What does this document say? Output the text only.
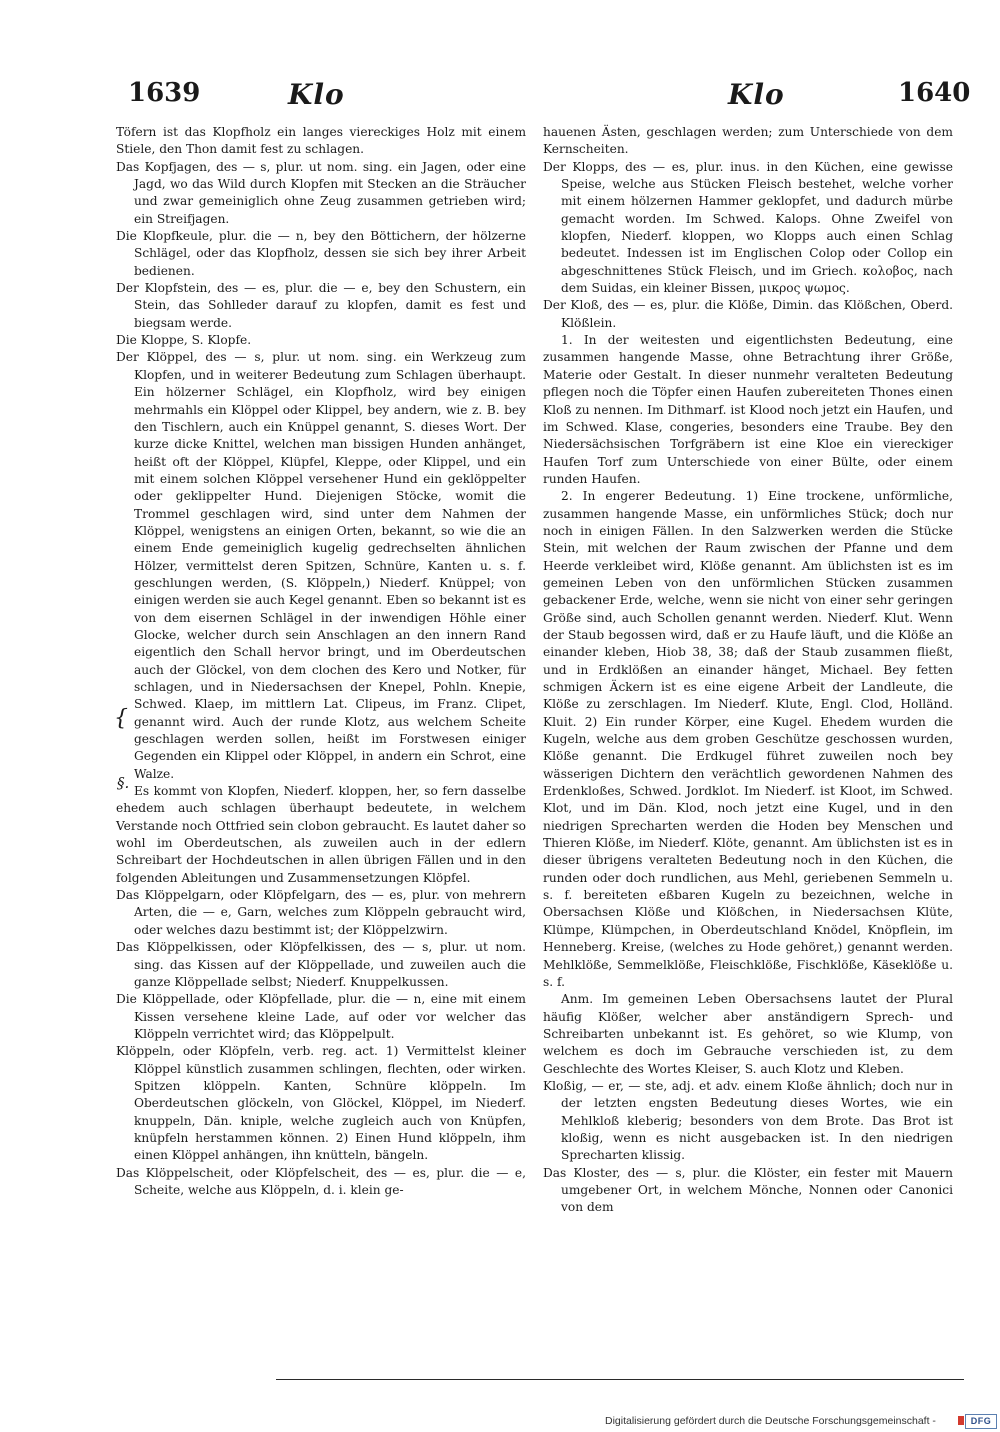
1639	Klo	Klo	1640
{
§.

Töfern ist das Klopfholz ein langes viereckiges Holz mit einem Stiele, den Thon damit fest zu schlagen.

Das Kopfjagen, des — s, plur. ut nom. sing. ein Jagen, oder eine Jagd, wo das Wild durch Klopfen mit Stecken an die Sträucher und zwar gemeiniglich ohne Zeug zusammen getrieben wird; ein Streifjagen.

Die Klopfkeule, plur. die — n, bey den Böttichern, der hölzerne Schlägel, oder das Klopfholz, dessen sie sich bey ihrer Arbeit bedienen.

Der Klopfstein, des — es, plur. die — e, bey den Schustern, ein Stein, das Sohlleder darauf zu klopfen, damit es fest und biegsam werde.

Die Kloppe, S. Klopfe.

Der Klöppel, des — s, plur. ut nom. sing. ein Werkzeug zum Klopfen, und in weiterer Bedeutung zum Schlagen überhaupt. Ein hölzerner Schlägel, ein Klopfholz, wird bey einigen mehrmahls ein Klöppel oder Klippel, bey andern, wie z. B. bey den Tischlern, auch ein Knüppel genannt, S. dieses Wort. Der kurze dicke Knittel, welchen man bissigen Hunden anhänget, heißt oft der Klöppel, Klüpfel, Kleppe, oder Klippel, und ein mit einem solchen Klöppel versehener Hund ein geklöppelter oder geklippelter Hund. Diejenigen Stöcke, womit die Trommel geschlagen wird, sind unter dem Nahmen der Klöppel, wenigstens an einigen Orten, bekannt, so wie die an einem Ende gemeiniglich kugelig gedrechselten ähnlichen Hölzer, vermittelst deren Spitzen, Schnüre, Kanten u. s. f. geschlungen werden, (S. Klöppeln,) Niederf. Knüppel; von einigen werden sie auch Kegel genannt. Eben so bekannt ist es von dem eisernen Schlägel in der inwendigen Höhle einer Glocke, welcher durch sein Anschlagen an den innern Rand eigentlich den Schall hervor bringt, und im Oberdeutschen auch der Glöckel, von dem clochen des Kero und Notker, für schlagen, und in Niedersachsen der Knepel, Pohln. Knepie, Schwed. Klaep, im mittlern Lat. Clipeus, im Franz. Clipet, genannt wird. Auch der runde Klotz, aus welchem Scheite geschlagen werden sollen, heißt im Forstwesen einiger Gegenden ein Klippel oder Klöppel, in andern ein Schrot, eine Walze.

Es kommt von Klopfen, Niederf. kloppen, her, so fern dasselbe ehedem auch schlagen überhaupt bedeutete, in welchem Verstande noch Ottfried sein clobon gebraucht. Es lautet daher so wohl im Oberdeutschen, als zuweilen auch in der edlern Schreibart der Hochdeutschen in allen übrigen Fällen und in den folgenden Ableitungen und Zusammensetzungen Klöpfel.

Das Klöppelgarn, oder Klöpfelgarn, des — es, plur. von mehrern Arten, die — e, Garn, welches zum Klöppeln gebraucht wird, oder welches dazu bestimmt ist; der Klöppelzwirn.

Das Klöppelkissen, oder Klöpfelkissen, des — s, plur. ut nom. sing. das Kissen auf der Klöppellade, und zuweilen auch die ganze Klöppellade selbst; Niederf. Knuppelkussen.

Die Klöppellade, oder Klöpfellade, plur. die — n, eine mit einem Kissen versehene kleine Lade, auf oder vor welcher das Klöppeln verrichtet wird; das Klöppelpult.

Klöppeln, oder Klöpfeln, verb. reg. act. 1) Vermittelst kleiner Klöppel künstlich zusammen schlingen, flechten, oder wirken. Spitzen klöppeln. Kanten, Schnüre klöppeln. Im Oberdeutschen glöckeln, von Glöckel, Klöppel, im Niederf. knuppeln, Dän. kniple, welche zugleich auch von Knüpfen, knüpfeln herstammen können. 2) Einen Hund klöppeln, ihm einen Klöppel anhängen, ihn knütteln, bängeln.

Das Klöppelscheit, oder Klöpfelscheit, des — es, plur. die — e, Scheite, welche aus Klöppeln, d. i. klein ge-

hauenen Ästen, geschlagen werden; zum Unterschiede von dem Kernscheiten.

Der Klopps, des — es, plur. inus. in den Küchen, eine gewisse Speise, welche aus Stücken Fleisch bestehet, welche vorher mit einem hölzernen Hammer geklopfet, und dadurch mürbe gemacht worden. Im Schwed. Kalops. Ohne Zweifel von klopfen, Niederf. kloppen, wo Klopps auch einen Schlag bedeutet. Indessen ist im Englischen Colop oder Collop ein abgeschnittenes Stück Fleisch, und im Griech. κολοβος, nach dem Suidas, ein kleiner Bissen, μικρος ψωμος.

Der Kloß, des — es, plur. die Klöße, Dimin. das Klößchen, Oberd. Klößlein.

1. In der weitesten und eigentlichsten Bedeutung, eine zusammen hangende Masse, ohne Betrachtung ihrer Größe, Materie oder Gestalt. In dieser nunmehr veralteten Bedeutung pflegen noch die Töpfer einen Haufen zubereiteten Thones einen Kloß zu nennen. Im Dithmarf. ist Klood noch jetzt ein Haufen, und im Schwed. Klase, congeries, besonders eine Traube. Bey den Niedersächsischen Torfgräbern ist eine Kloe ein viereckiger Haufen Torf zum Unterschiede von einer Bülte, oder einem runden Haufen.

2. In engerer Bedeutung. 1) Eine trockene, unförmliche, zusammen hangende Masse, ein unförmliches Stück; doch nur noch in einigen Fällen. In den Salzwerken werden die Stücke Stein, mit welchen der Raum zwischen der Pfanne und dem Heerde verkleibet wird, Klöße genannt. Am üblichsten ist es im gemeinen Leben von den unförmlichen Stücken zusammen gebackener Erde, welche, wenn sie nicht von einer sehr geringen Größe sind, auch Schollen genannt werden. Niederf. Klut. Wenn der Staub begossen wird, daß er zu Haufe läuft, und die Klöße an einander kleben, Hiob 38, 38; daß der Staub zusammen fließt, und in Erdklößen an einander hänget, Michael. Bey fetten schmigen Äckern ist es eine eigene Arbeit der Landleute, die Klöße zu zerschlagen. Im Niederf. Klute, Engl. Clod, Holländ. Kluit. 2) Ein runder Körper, eine Kugel. Ehedem wurden die Kugeln, welche aus dem groben Geschütze geschossen wurden, Klöße genannt. Die Erdkugel führet zuweilen noch bey wässerigen Dichtern den verächtlich gewordenen Nahmen des Erdenkloßes, Schwed. Jordklot. Im Niederf. ist Kloot, im Schwed. Klot, und im Dän. Klod, noch jetzt eine Kugel, und in den niedrigen Sprecharten werden die Hoden bey Menschen und Thieren Klöße, im Niederf. Klöte, genannt. Am üblichsten ist es in dieser übrigens veralteten Bedeutung noch in den Küchen, die runden oder doch rundlichen, aus Mehl, geriebenen Semmeln u. s. f. bereiteten eßbaren Kugeln zu bezeichnen, welche in Obersachsen Klöße und Klößchen, in Niedersachsen Klüte, Klümpe, Klümpchen, in Oberdeutschland Knödel, Knöpflein, im Henneberg. Kreise, (welches zu Hode gehöret,) genannt werden. Mehlklöße, Semmelklöße, Fleischklöße, Fischklöße, Käseklöße u. s. f.

Anm. Im gemeinen Leben Obersachsens lautet der Plural häufig Klößer, welcher aber anständigern Sprech- und Schreibarten unbekannt ist. Es gehöret, so wie Klump, von welchem es doch im Gebrauche verschieden ist, zu dem Geschlechte des Wortes Kleiser, S. auch Klotz und Kleben.

Kloßig, — er, — ste, adj. et adv. einem Kloße ähnlich; doch nur in der letzten engsten Bedeutung dieses Wortes, wie ein Mehlkloß kleberig; besonders von dem Brote. Das Brot ist kloßig, wenn es nicht ausgebacken ist. In den niedrigen Sprecharten klissig.

Das Kloster, des — s, plur. die Klöster, ein fester mit Mauern umgebener Ort, in welchem Mönche, Nonnen oder Canonici von dem

Digitalisierung gefördert durch die Deutsche Forschungsgemeinschaft -	DFG
